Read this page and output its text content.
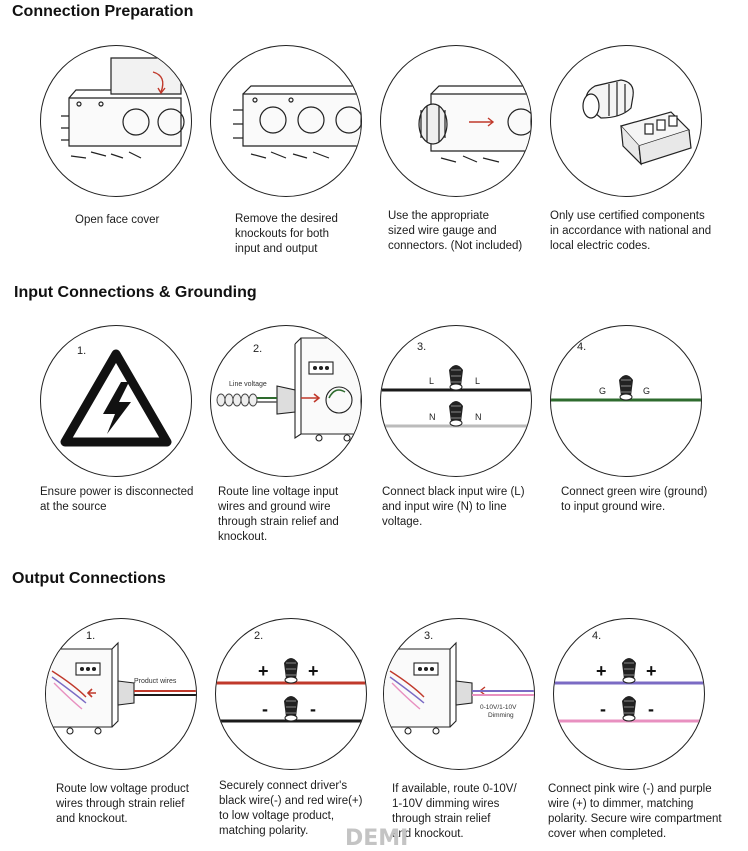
Connection Preparation

Open face cover	Remove the desired

knockouts for both

input and output

Use the appropriate

sized wire gauge and

connectors. (Not included)

Only use certified components

in accordance with national and

local electric codes.

Input Connections & Grounding
1.

Ensure power is disconnected

at the source

2.
Line voltage

Route line voltage input

wires and ground wire

through strain relief and

knockout.

3.
L	L
N	N

Connect black input wire (L)

and input wire (N) to line

voltage.

4.
G	G

Connect green wire (ground)

to input ground wire.

Output Connections
1.
Product wires

Route low voltage product

wires through strain relief

and knockout.

2.
+ +
- -

Securely connect driver's

black wire(-) and red wire(+)

to low voltage product,

matching polarity.

3.
0-10V/1-10V
Dimming

If available, route 0-10V/

1-10V dimming wires

through strain relief

and knockout.

4.
+ +
- -

Connect pink wire (-) and purple

wire (+) to dimmer, matching

polarity. Secure wire compartment

cover when completed.

DEMI
